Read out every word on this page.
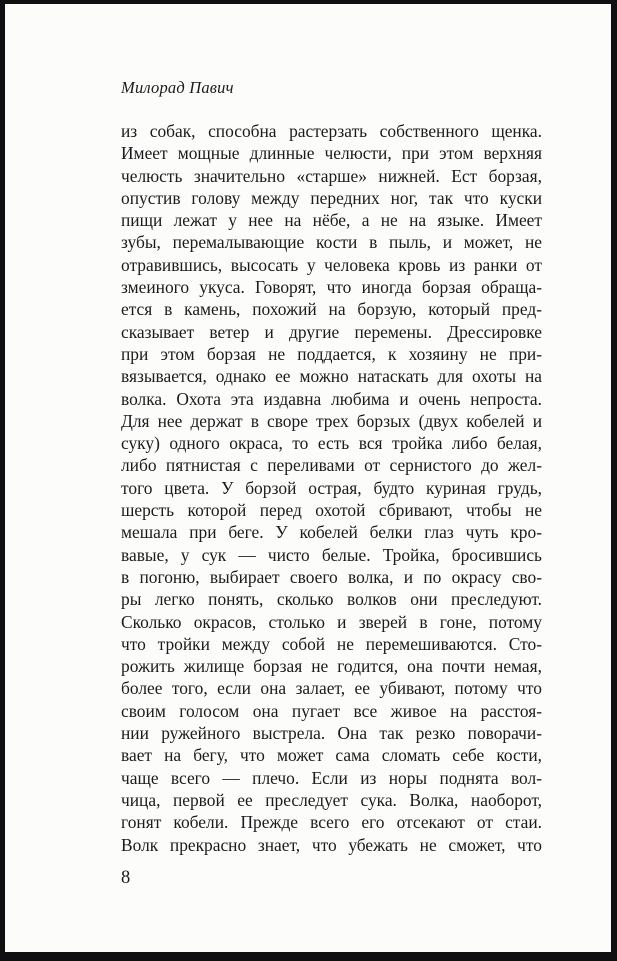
Милорад Павич
из собак, способна растерзать собственного щенка.
Имеет мощные длинные челюсти, при этом верхняя
челюсть значительно «старше» нижней. Ест борзая,
опустив голову между передних ног, так что куски
пищи лежат у нее на нёбе, а не на языке. Имеет
зубы, перемалывающие кости в пыль, и может, не
отравившись, высосать у человека кровь из ранки от
змеиного укуса. Говорят, что иногда борзая обраща-
ется в камень, похожий на борзую, который пред-
сказывает ветер и другие перемены. Дрессировке
при этом борзая не поддается, к хозяину не при-
вязывается, однако ее можно натаскать для охоты на
волка. Охота эта издавна любима и очень непроста.
Для нее держат в своре трех борзых (двух кобелей и
суку) одного окраса, то есть вся тройка либо белая,
либо пятнистая с переливами от сернистого до жел-
того цвета. У борзой острая, будто куриная грудь,
шерсть которой перед охотой сбривают, чтобы не
мешала при беге. У кобелей белки глаз чуть кро-
вавые, у сук — чисто белые. Тройка, бросившись
в погоню, выбирает своего волка, и по окрасу сво-
ры легко понять, сколько волков они преследуют.
Сколько окрасов, столько и зверей в гоне, потому
что тройки между собой не перемешиваются. Сто-
рожить жилище борзая не годится, она почти немая,
более того, если она залает, ее убивают, потому что
своим голосом она пугает все живое на расстоя-
нии ружейного выстрела. Она так резко поворачи-
вает на бегу, что может сама сломать себе кости,
чаще всего — плечо. Если из норы поднята вол-
чица, первой ее преследует сука. Волка, наоборот,
гонят кобели. Прежде всего его отсекают от стаи.
Волк прекрасно знает, что убежать не сможет, что
8
